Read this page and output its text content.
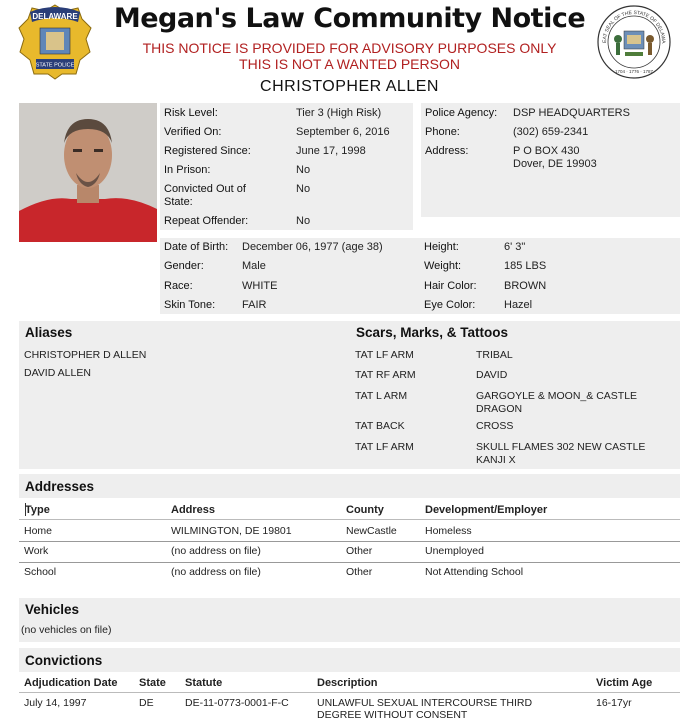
DELAWARE
STATE POLICE
Megan's Law Community Notice
THIS NOTICE IS PROVIDED FOR ADVISORY PURPOSES ONLY
THIS IS NOT A WANTED PERSON
CHRISTOPHER ALLEN
1704 · 1776 · 1787
EAT SEAL OF THE STATE OF DELAWA
Risk Level:	Tier 3 (High Risk)
Verified On:	September 6, 2016
Registered Since:	June 17, 1998
In Prison:	No
Convicted Out of
State:
No
Repeat Offender:	No
Police Agency: DSP HEADQUARTERS
Phone:	(302) 659-2341
Address:	P O BOX 430
Dover, DE 19903
Date of Birth: December 06, 1977 (age 38)
Gender:	Male
Race:	WHITE
Skin Tone: FAIR
Height:	6' 3"
Weight:	185 LBS
Hair Color: BROWN
Eye Color:	Hazel
Aliases
CHRISTOPHER D ALLEN
DAVID ALLEN
Scars, Marks, & Tattoos
TAT LF ARM	TRIBAL
TAT RF ARM	DAVID
TAT L ARM	GARGOYLE & MOON_& CASTLE
DRAGON
TAT BACK	CROSS
TAT LF ARM	SKULL FLAMES 302 NEW CASTLE
KANJI X
Addresses
Type	Address	County	Development/Employer
Home	WILMINGTON, DE 19801	NewCastle	Homeless
Work	(no address on file)	Other	Unemployed
School	(no address on file)	Other	Not Attending School
Vehicles
(no vehicles on file)
Convictions
Adjudication Date State Statute	Description	Victim Age
July 14, 1997	DE	DE-11-0773-0001-F-C	UNLAWFUL SEXUAL INTERCOURSE THIRD
DEGREE WITHOUT CONSENT
16-17yr
